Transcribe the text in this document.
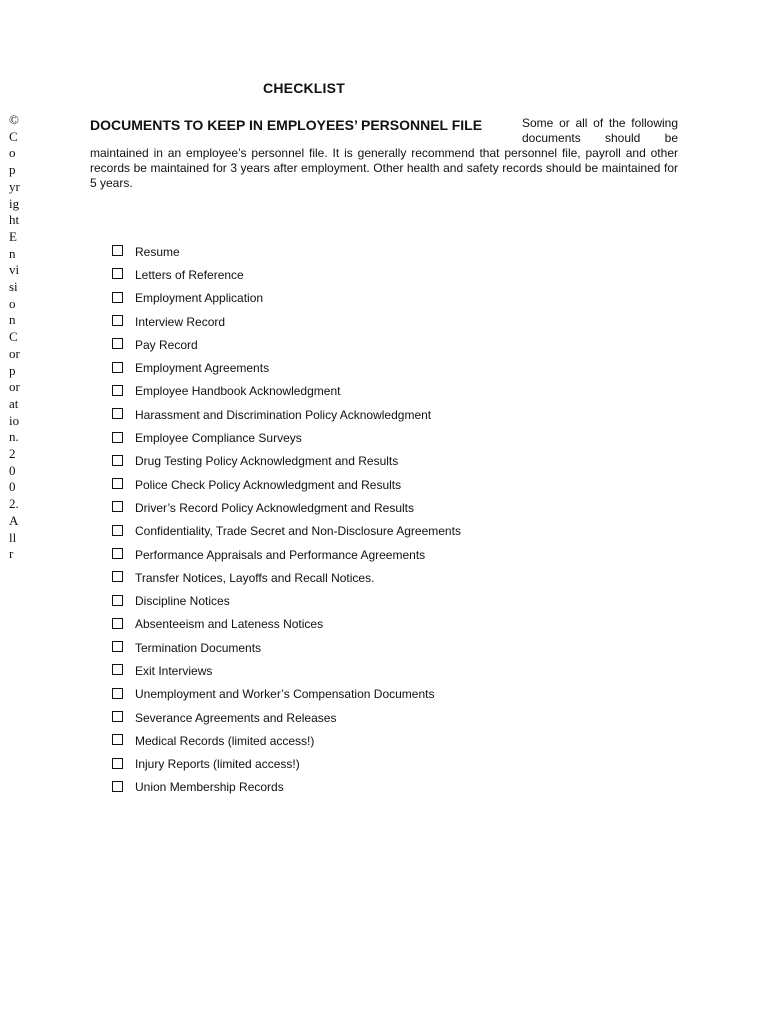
© Copyright Envision Corporation. 2002. All r
CHECKLIST
DOCUMENTS TO KEEP IN EMPLOYEES’ PERSONNEL FILE	Some or all of the following documents should be maintained in an employee’s personnel file. It is generally recommend that personnel file, payroll and other records be maintained for 3 years after employment. Other health and safety records should be maintained for 5 years.
Resume
Letters of Reference
Employment Application
Interview Record
Pay Record
Employment Agreements
Employee Handbook Acknowledgment
Harassment and Discrimination Policy Acknowledgment
Employee Compliance Surveys
Drug Testing Policy Acknowledgment and Results
Police Check Policy Acknowledgment and Results
Driver’s Record Policy Acknowledgment and Results
Confidentiality, Trade Secret and Non-Disclosure Agreements
Performance Appraisals and Performance Agreements
Transfer Notices, Layoffs and Recall Notices.
Discipline Notices
Absenteeism and Lateness Notices
Termination Documents
Exit Interviews
Unemployment and Worker’s Compensation Documents
Severance Agreements and Releases
Medical Records (limited access!)
Injury Reports (limited access!)
Union Membership Records
